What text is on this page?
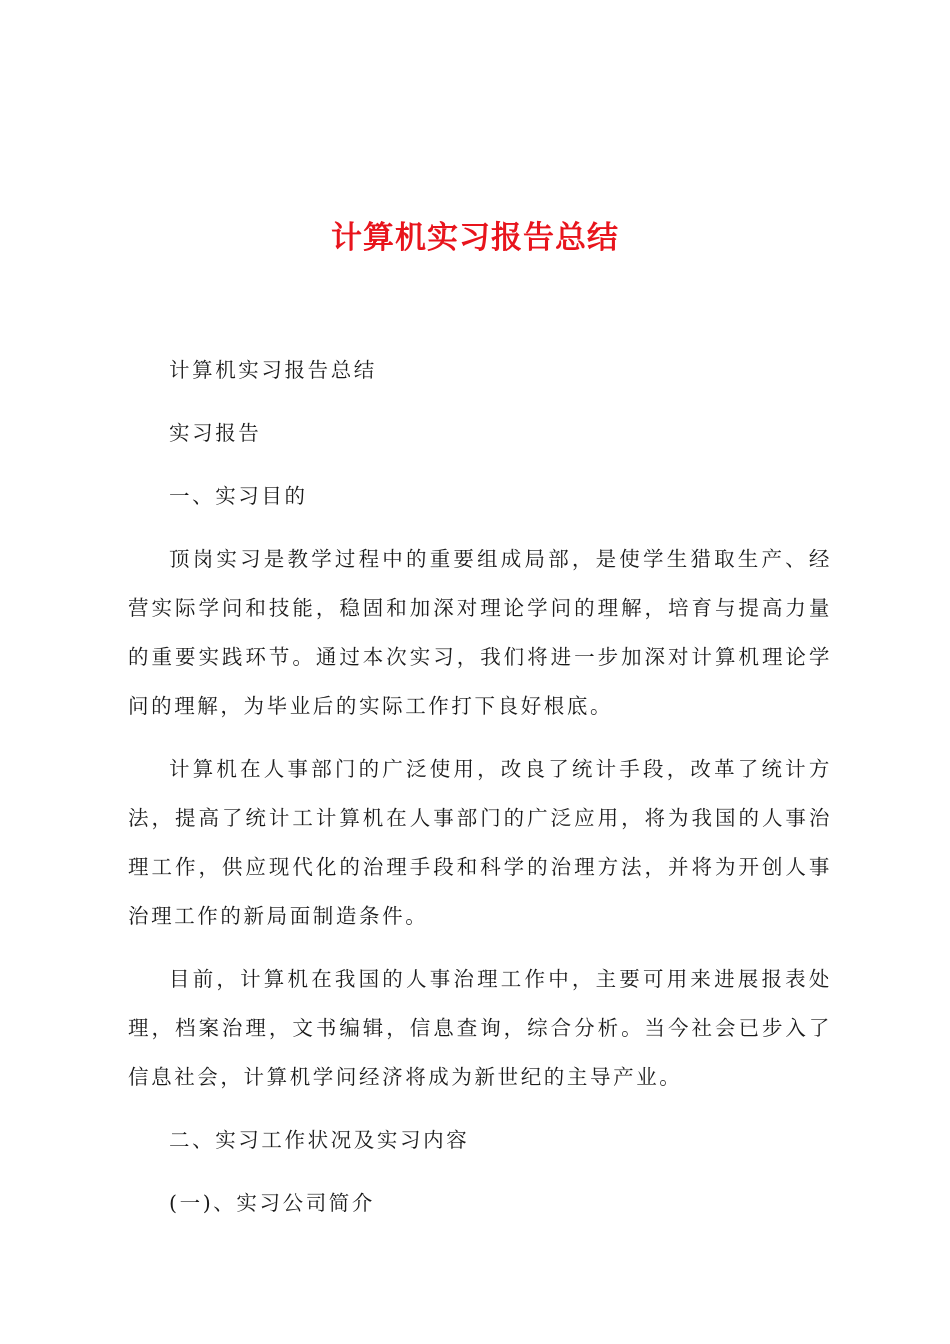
计算机实习报告总结

计算机实习报告总结

实习报告

一、实习目的

顶岗实习是教学过程中的重要组成局部，是使学生猎取生产、经营实际学问和技能，稳固和加深对理论学问的理解，培育与提高力量的重要实践环节。通过本次实习，我们将进一步加深对计算机理论学问的理解，为毕业后的实际工作打下良好根底。

计算机在人事部门的广泛使用，改良了统计手段，改革了统计方法，提高了统计工计算机在人事部门的广泛应用，将为我国的人事治理工作，供应现代化的治理手段和科学的治理方法，并将为开创人事治理工作的新局面制造条件。

目前，计算机在我国的人事治理工作中，主要可用来进展报表处理，档案治理，文书编辑，信息查询，综合分析。当今社会已步入了信息社会，计算机学问经济将成为新世纪的主导产业。

二、实习工作状况及实习内容

(一)、实习公司简介
